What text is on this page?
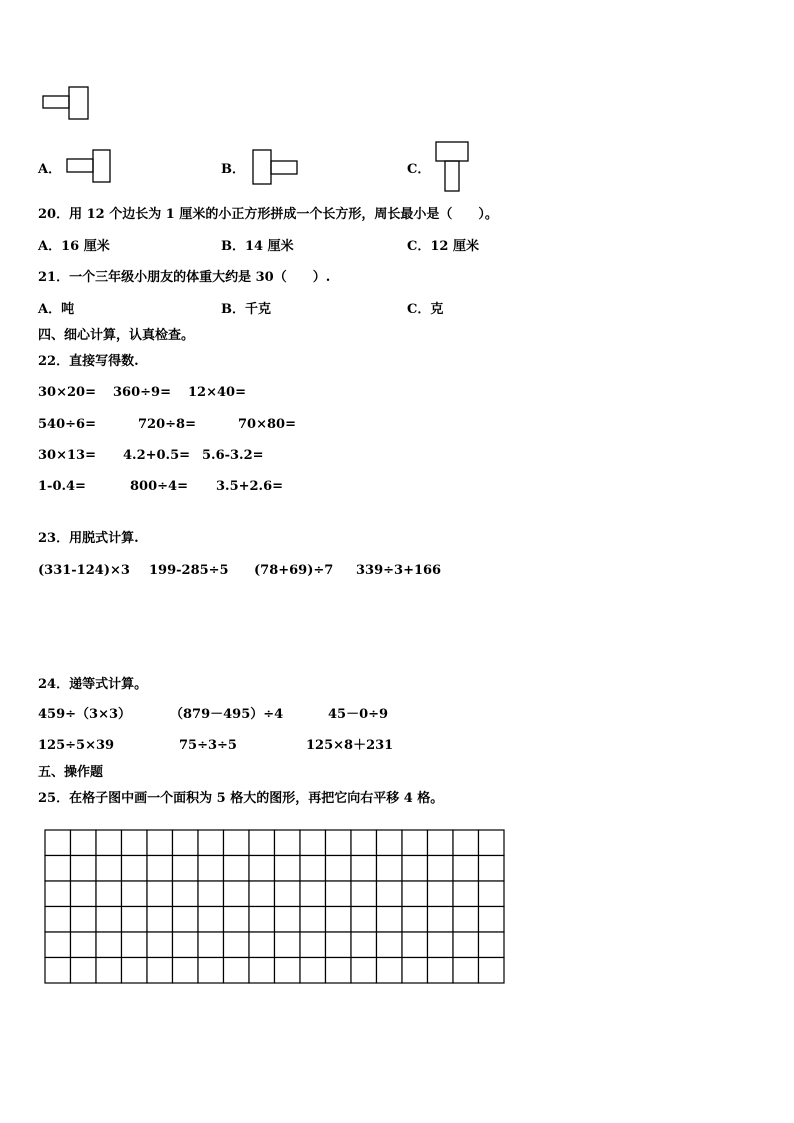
A．	B．	C．
20．用 12 个边长为 1 厘米的小正方形拼成一个长方形，周长最小是（　　）。
A．16 厘米	B．14 厘米	C．12 厘米
21．一个三年级小朋友的体重大约是 30（　　）.
A．吨	B．千克	C．克
四、细心计算，认真检查。
22．直接写得数.
30×20= 360÷9= 12×40=
540÷6=	720÷8=	70×80=
30×13= 4.2+0.5= 5.6-3.2=
1-0.4=	800÷4= 3.5+2.6=
23．用脱式计算.
(331-124)×3 199-285÷5 (78+69)÷7 339÷3+166
24．递等式计算。
459÷（3×3）	（879－495）÷4	45－0÷9
125÷5×39	75÷3÷5	125×8＋231
五、操作题
25．在格子图中画一个面积为 5 格大的图形，再把它向右平移 4 格。
